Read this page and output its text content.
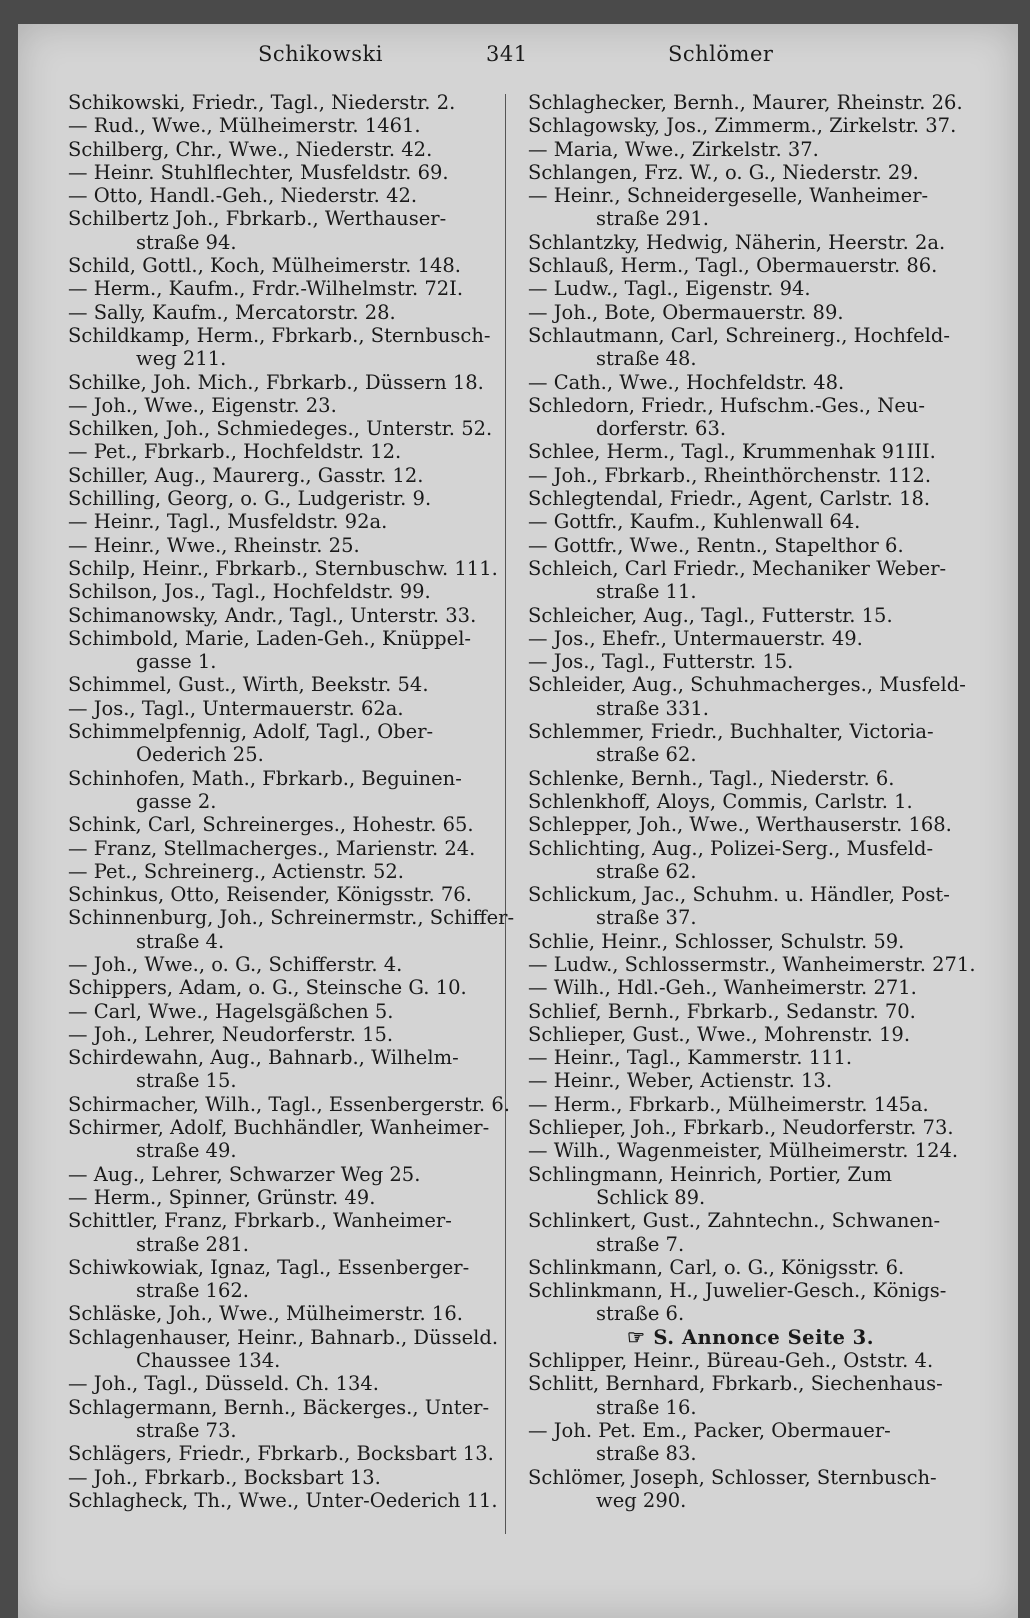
Schikowski	341	Schlömer
Schikowski, Friedr., Tagl., Niederstr. 2.
— Rud., Wwe., Mülheimerstr. 1461.
Schilberg, Chr., Wwe., Niederstr. 42.
— Heinr. Stuhlflechter, Musfeldstr. 69.
— Otto, Handl.-Geh., Niederstr. 42.
Schilbertz Joh., Fbrkarb., Werthauser-
straße 94.
Schild, Gottl., Koch, Mülheimerstr. 148.
— Herm., Kaufm., Frdr.-Wilhelmstr. 72I.
— Sally, Kaufm., Mercatorstr. 28.
Schildkamp, Herm., Fbrkarb., Sternbusch-
weg 211.
Schilke, Joh. Mich., Fbrkarb., Düssern 18.
— Joh., Wwe., Eigenstr. 23.
Schilken, Joh., Schmiedeges., Unterstr. 52.
— Pet., Fbrkarb., Hochfeldstr. 12.
Schiller, Aug., Maurerg., Gasstr. 12.
Schilling, Georg, o. G., Ludgeristr. 9.
— Heinr., Tagl., Musfeldstr. 92a.
— Heinr., Wwe., Rheinstr. 25.
Schilp, Heinr., Fbrkarb., Sternbuschw. 111.
Schilson, Jos., Tagl., Hochfeldstr. 99.
Schimanowsky, Andr., Tagl., Unterstr. 33.
Schimbold, Marie, Laden-Geh., Knüppel-
gasse 1.
Schimmel, Gust., Wirth, Beekstr. 54.
— Jos., Tagl., Untermauerstr. 62a.
Schimmelpfennig, Adolf, Tagl., Ober-
Oederich 25.
Schinhofen, Math., Fbrkarb., Beguinen-
gasse 2.
Schink, Carl, Schreinerges., Hohestr. 65.
— Franz, Stellmacherges., Marienstr. 24.
— Pet., Schreinerg., Actienstr. 52.
Schinkus, Otto, Reisender, Königsstr. 76.
Schinnenburg, Joh., Schreinermstr., Schiffer-
straße 4.
— Joh., Wwe., o. G., Schifferstr. 4.
Schippers, Adam, o. G., Steinsche G. 10.
— Carl, Wwe., Hagelsgäßchen 5.
— Joh., Lehrer, Neudorferstr. 15.
Schirdewahn, Aug., Bahnarb., Wilhelm-
straße 15.
Schirmacher, Wilh., Tagl., Essenbergerstr. 6.
Schirmer, Adolf, Buchhändler, Wanheimer-
straße 49.
— Aug., Lehrer, Schwarzer Weg 25.
— Herm., Spinner, Grünstr. 49.
Schittler, Franz, Fbrkarb., Wanheimer-
straße 281.
Schiwkowiak, Ignaz, Tagl., Essenberger-
straße 162.
Schläske, Joh., Wwe., Mülheimerstr. 16.
Schlagenhauser, Heinr., Bahnarb., Düsseld.
Chaussee 134.
— Joh., Tagl., Düsseld. Ch. 134.
Schlagermann, Bernh., Bäckerges., Unter-
straße 73.
Schlägers, Friedr., Fbrkarb., Bocksbart 13.
— Joh., Fbrkarb., Bocksbart 13.
Schlagheck, Th., Wwe., Unter-Oederich 11.
Schlaghecker, Bernh., Maurer, Rheinstr. 26.
Schlagowsky, Jos., Zimmerm., Zirkelstr. 37.
— Maria, Wwe., Zirkelstr. 37.
Schlangen, Frz. W., o. G., Niederstr. 29.
— Heinr., Schneidergeselle, Wanheimer-
straße 291.
Schlantzky, Hedwig, Näherin, Heerstr. 2a.
Schlauß, Herm., Tagl., Obermauerstr. 86.
— Ludw., Tagl., Eigenstr. 94.
— Joh., Bote, Obermauerstr. 89.
Schlautmann, Carl, Schreinerg., Hochfeld-
straße 48.
— Cath., Wwe., Hochfeldstr. 48.
Schledorn, Friedr., Hufschm.-Ges., Neu-
dorferstr. 63.
Schlee, Herm., Tagl., Krummenhak 91III.
— Joh., Fbrkarb., Rheinthörchenstr. 112.
Schlegtendal, Friedr., Agent, Carlstr. 18.
— Gottfr., Kaufm., Kuhlenwall 64.
— Gottfr., Wwe., Rentn., Stapelthor 6.
Schleich, Carl Friedr., Mechaniker Weber-
straße 11.
Schleicher, Aug., Tagl., Futterstr. 15.
— Jos., Ehefr., Untermauerstr. 49.
— Jos., Tagl., Futterstr. 15.
Schleider, Aug., Schuhmacherges., Musfeld-
straße 331.
Schlemmer, Friedr., Buchhalter, Victoria-
straße 62.
Schlenke, Bernh., Tagl., Niederstr. 6.
Schlenkhoff, Aloys, Commis, Carlstr. 1.
Schlepper, Joh., Wwe., Werthauserstr. 168.
Schlichting, Aug., Polizei-Serg., Musfeld-
straße 62.
Schlickum, Jac., Schuhm. u. Händler, Post-
straße 37.
Schlie, Heinr., Schlosser, Schulstr. 59.
— Ludw., Schlossermstr., Wanheimerstr. 271.
— Wilh., Hdl.-Geh., Wanheimerstr. 271.
Schlief, Bernh., Fbrkarb., Sedanstr. 70.
Schlieper, Gust., Wwe., Mohrenstr. 19.
— Heinr., Tagl., Kammerstr. 111.
— Heinr., Weber, Actienstr. 13.
— Herm., Fbrkarb., Mülheimerstr. 145a.
Schlieper, Joh., Fbrkarb., Neudorferstr. 73.
— Wilh., Wagenmeister, Mülheimerstr. 124.
Schlingmann, Heinrich, Portier, Zum
Schlick 89.
Schlinkert, Gust., Zahntechn., Schwanen-
straße 7.
Schlinkmann, Carl, o. G., Königsstr. 6.
Schlinkmann, H., Juwelier-Gesch., Königs-
straße 6.
☞ S. Annonce Seite 3.
Schlipper, Heinr., Büreau-Geh., Oststr. 4.
Schlitt, Bernhard, Fbrkarb., Siechenhaus-
straße 16.
— Joh. Pet. Em., Packer, Obermauer-
straße 83.
Schlömer, Joseph, Schlosser, Sternbusch-
weg 290.
